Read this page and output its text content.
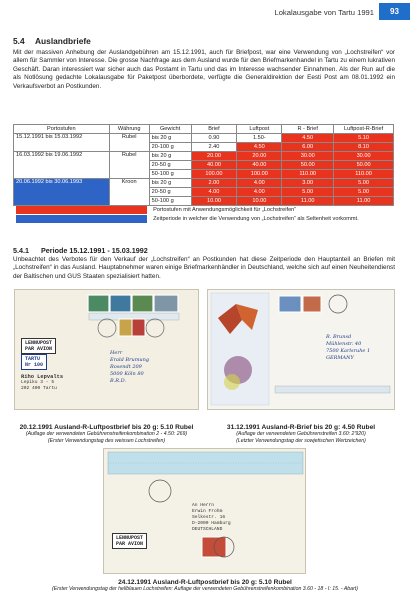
Lokalausgabe von Tartu 1991	93
5.4 Auslandbriefe

Mit der massiven Anhebung der Auslandgebühren am 15.12.1991, auch für Briefpost, war eine Verwendung von „Lochstreifen“ vor allem für Sammler von Interesse. Die grosse Nachfrage aus dem Ausland wurde für den Briefmarkenhandel in Tartu zu einem lukrativen Geschäft. Daran interessiert war sicher auch das Postamt in Tartu und das im Interesse wachsender Einnahmen. Als der Run auf die als Notlösung gedachte Lokalausgabe für Paketpost überbordete, verfügte die Generaldirektion der Eesti Post am 08.01.1992 ein Verkaufsverbot an Postkunden.

Portostufen	Währung	Gewicht	Brief	Luftpost	R - Brief	Luftpost-R-Brief
15.12.1991 bis 15.03.1992	Rubel	bis 20 g	0.90	1.50-	4.50	5.10
		20-100 g	2.40	4.50	6.00	8.10
16.03.1992 bis 19.06.1992	Rubel	bis 20 g	20.00	20.00	30.00	30.00
		20-50 g	40.00	40.00	50.00	50.00
		50-100 g	100.00	100.00	110.00	110.00
20.06.1992 bis 30.06.1993	Kroon	bis 20 g	2.00	4.00	3.00	5.00
		20-50 g	4.00	4.00	5.00	5.00
		50-100 g	10.00	10.00	11.00	11.00

		Portostufen mit Anwendungsmöglichkeit für „Lochstreifen“				

		Zeitperiode in welcher die Verwendung von „Lochstreifen“ als Seltenheit vorkommt.				
5.4.1 Periode 15.12.1991 - 15.03.1992

Unbeachtet des Verbotes für den Verkauf der „Lochstreifen“ an Postkunden hat diese Zeitperiode den Hauptanteil an Briefen mit „Lochstreifen“ in das Ausland. Hauptabnehmer waren einige Briefmarkenhändler in Deutschland, welche sich auf einen Neuheitendienst der Baltischen und GUS Staaten spezialisiert hatten.

LENNUPOST
PAR AVION
TARTU
Nr 100
Riho Lepvalts
Lepiku 3 - 5
202 400 Tartu
Herr
Erald Brumung
Rosendt 209
5000 Köln 80
B.R.D.
R. Brunsd
Mühlenstr. 40
7500 Karlsruhe 1
GERMANY
20.12.1991 Ausland-R-Luftpostbrief bis 20 g: 5.10 Rubel
(Auflage der verwendeten Gebührenstreifenkombination 2 - 4.50: 269)
(Erster Verwendungstag des weissen Lochstreifen)
31.12.1991 Ausland-R-Brief bis 20 g: 4.50 Rubel
(Auflage der verwendeten Gebührenstreifen 3.60: 2'920)
(Letzter Verwendungstag der sowjetischen Wertzeichen)
LENNUPOST
PAR AVION
An Herrn
Erwin Frohm
Selkestr. 16
D-2000 Hamburg
DEUTSCHLAND
24.12.1991 Ausland-R-Luftpostbrief bis 20 g: 5.10 Rubel
(Erster Verwendungstag der hellblauen Lochstreifen: Auflage der verwendeten Gebührenstreifenkombination 3.60 - 18 - I: 15. - Abart)
